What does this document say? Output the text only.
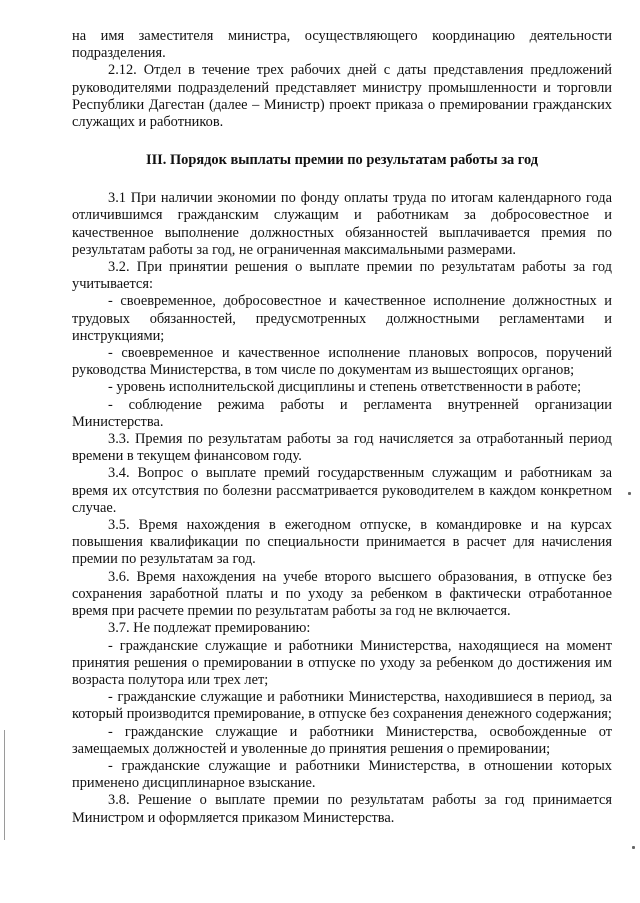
на имя заместителя министра, осуществляющего координацию деятельности подразделения.

2.12. Отдел в течение трех рабочих дней с даты представления предложений руководителями подразделений представляет министру промышленности и торговли Республики Дагестан (далее – Министр) проект приказа о премировании гражданских служащих и работников.

III. Порядок выплаты премии по результатам работы за год

3.1 При наличии экономии по фонду оплаты труда по итогам календарного года отличившимся гражданским служащим и работникам за добросовестное и качественное выполнение должностных обязанностей выплачивается премия по результатам работы за год, не ограниченная максимальными размерами.

3.2. При принятии решения о выплате премии по результатам работы за год учитывается:

- своевременное, добросовестное и качественное исполнение должностных и трудовых обязанностей, предусмотренных должностными регламентами и инструкциями;

- своевременное и качественное исполнение плановых вопросов, поручений руководства Министерства, в том числе по документам из вышестоящих органов;

- уровень исполнительской дисциплины и степень ответственности в работе;

- соблюдение режима работы и регламента внутренней организации Министерства.

3.3. Премия по результатам работы за год начисляется за отработанный период времени в текущем финансовом году.

3.4. Вопрос о выплате премий государственным служащим и работникам за время их отсутствия по болезни рассматривается руководителем в каждом конкретном случае.

3.5. Время нахождения в ежегодном отпуске, в командировке и на курсах повышения квалификации по специальности принимается в расчет для начисления премии по результатам за год.

3.6. Время нахождения на учебе второго высшего образования, в отпуске без сохранения заработной платы и по уходу за ребенком в фактически отработанное время при расчете премии по результатам работы за год не включается.

3.7. Не подлежат премированию:

- гражданские служащие и работники Министерства, находящиеся на момент принятия решения о премировании в отпуске по уходу за ребенком до достижения им возраста полутора или трех лет;

- гражданские служащие и работники Министерства, находившиеся в период, за который производится премирование, в отпуске без сохранения денежного содержания;

- гражданские служащие и работники Министерства, освобожденные от замещаемых должностей и уволенные до принятия решения о премировании;

- гражданские служащие и работники Министерства, в отношении которых применено дисциплинарное взыскание.

3.8. Решение о выплате премии по результатам работы за год принимается Министром и оформляется приказом Министерства.
